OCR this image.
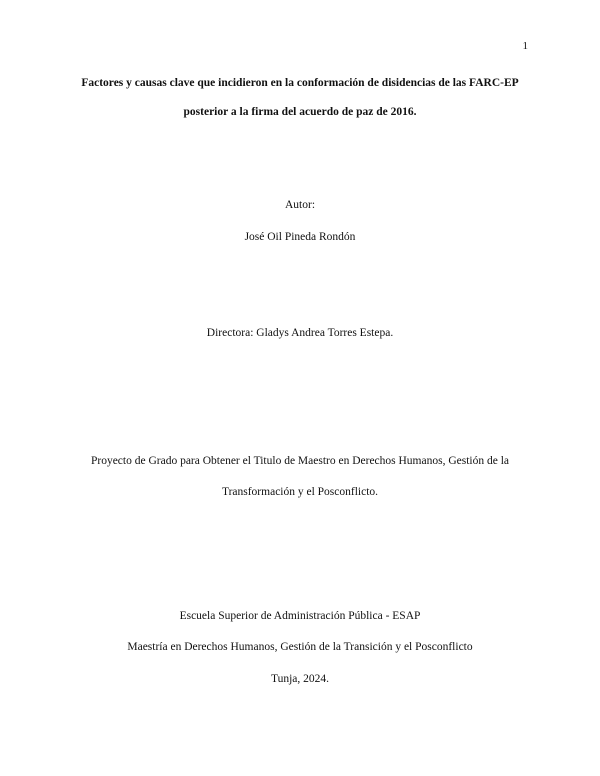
1
Factores y causas clave que incidieron en la conformación de disidencias de las FARC-EP
posterior a la firma del acuerdo de paz de 2016.
Autor:
José Oil Pineda Rondón
Directora: Gladys Andrea Torres Estepa.
Proyecto de Grado para Obtener el Titulo de Maestro en Derechos Humanos, Gestión de la
Transformación y el Posconflicto.
Escuela Superior de Administración Pública - ESAP
Maestría en Derechos Humanos, Gestión de la Transición y el Posconflicto
Tunja, 2024.
